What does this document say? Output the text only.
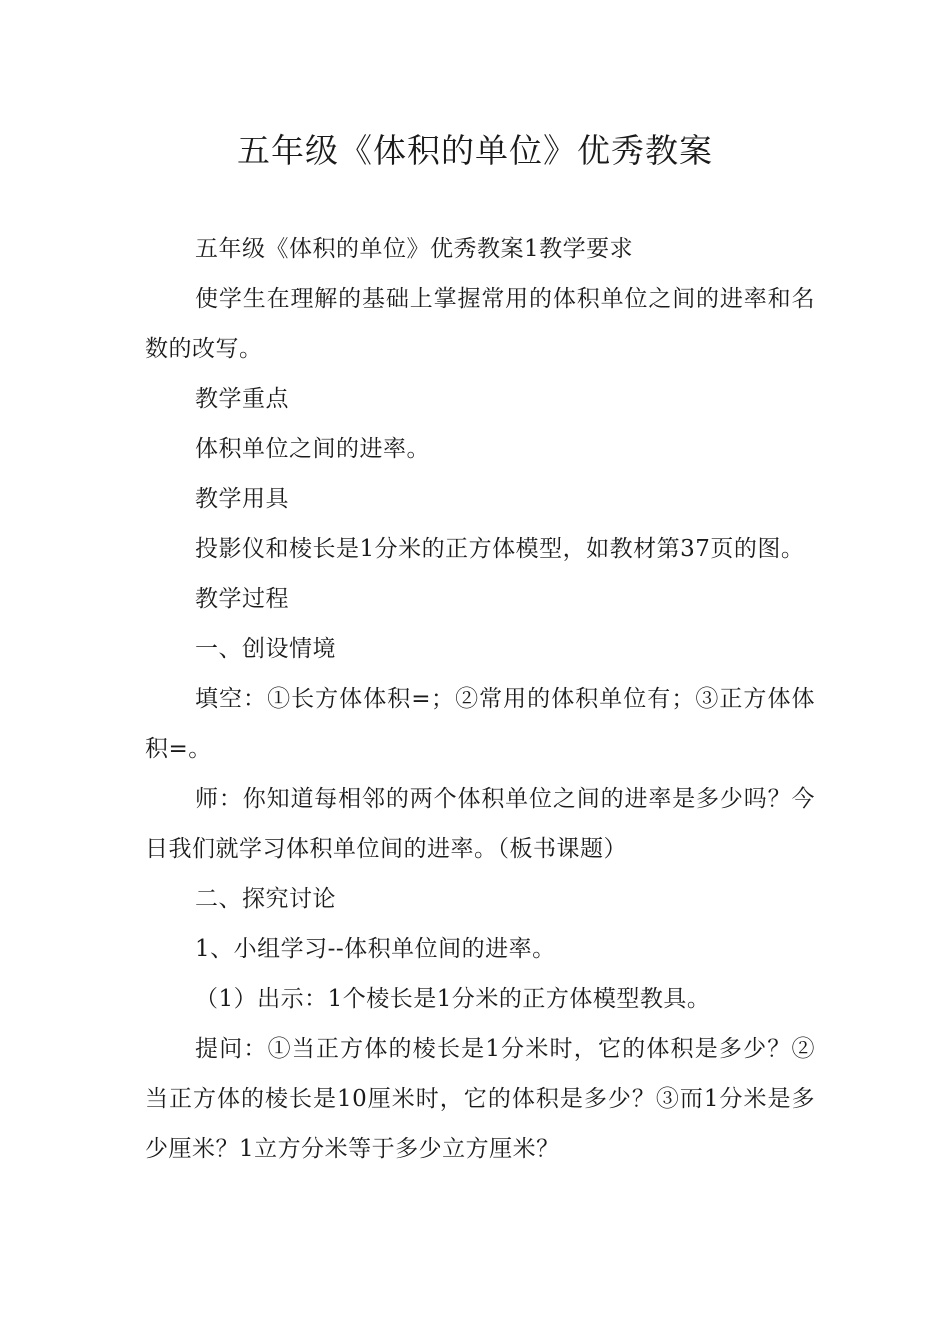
五年级《体积的单位》优秀教案

五年级《体积的单位》优秀教案1教学要求

使学生在理解的基础上掌握常用的体积单位之间的进率和名数的改写。

教学重点

体积单位之间的进率。

教学用具

投影仪和棱长是1分米的正方体模型，如教材第37页的图。

教学过程

一、创设情境

填空：①长方体体积=；②常用的体积单位有；③正方体体积=。

师：你知道每相邻的两个体积单位之间的进率是多少吗？今日我们就学习体积单位间的进率。（板书课题）

二、探究讨论

1、小组学习--体积单位间的进率。

（1）出示：1个棱长是1分米的正方体模型教具。

提问：①当正方体的棱长是1分米时，它的体积是多少？②当正方体的棱长是10厘米时，它的体积是多少？③而1分米是多少厘米？1立方分米等于多少立方厘米？
